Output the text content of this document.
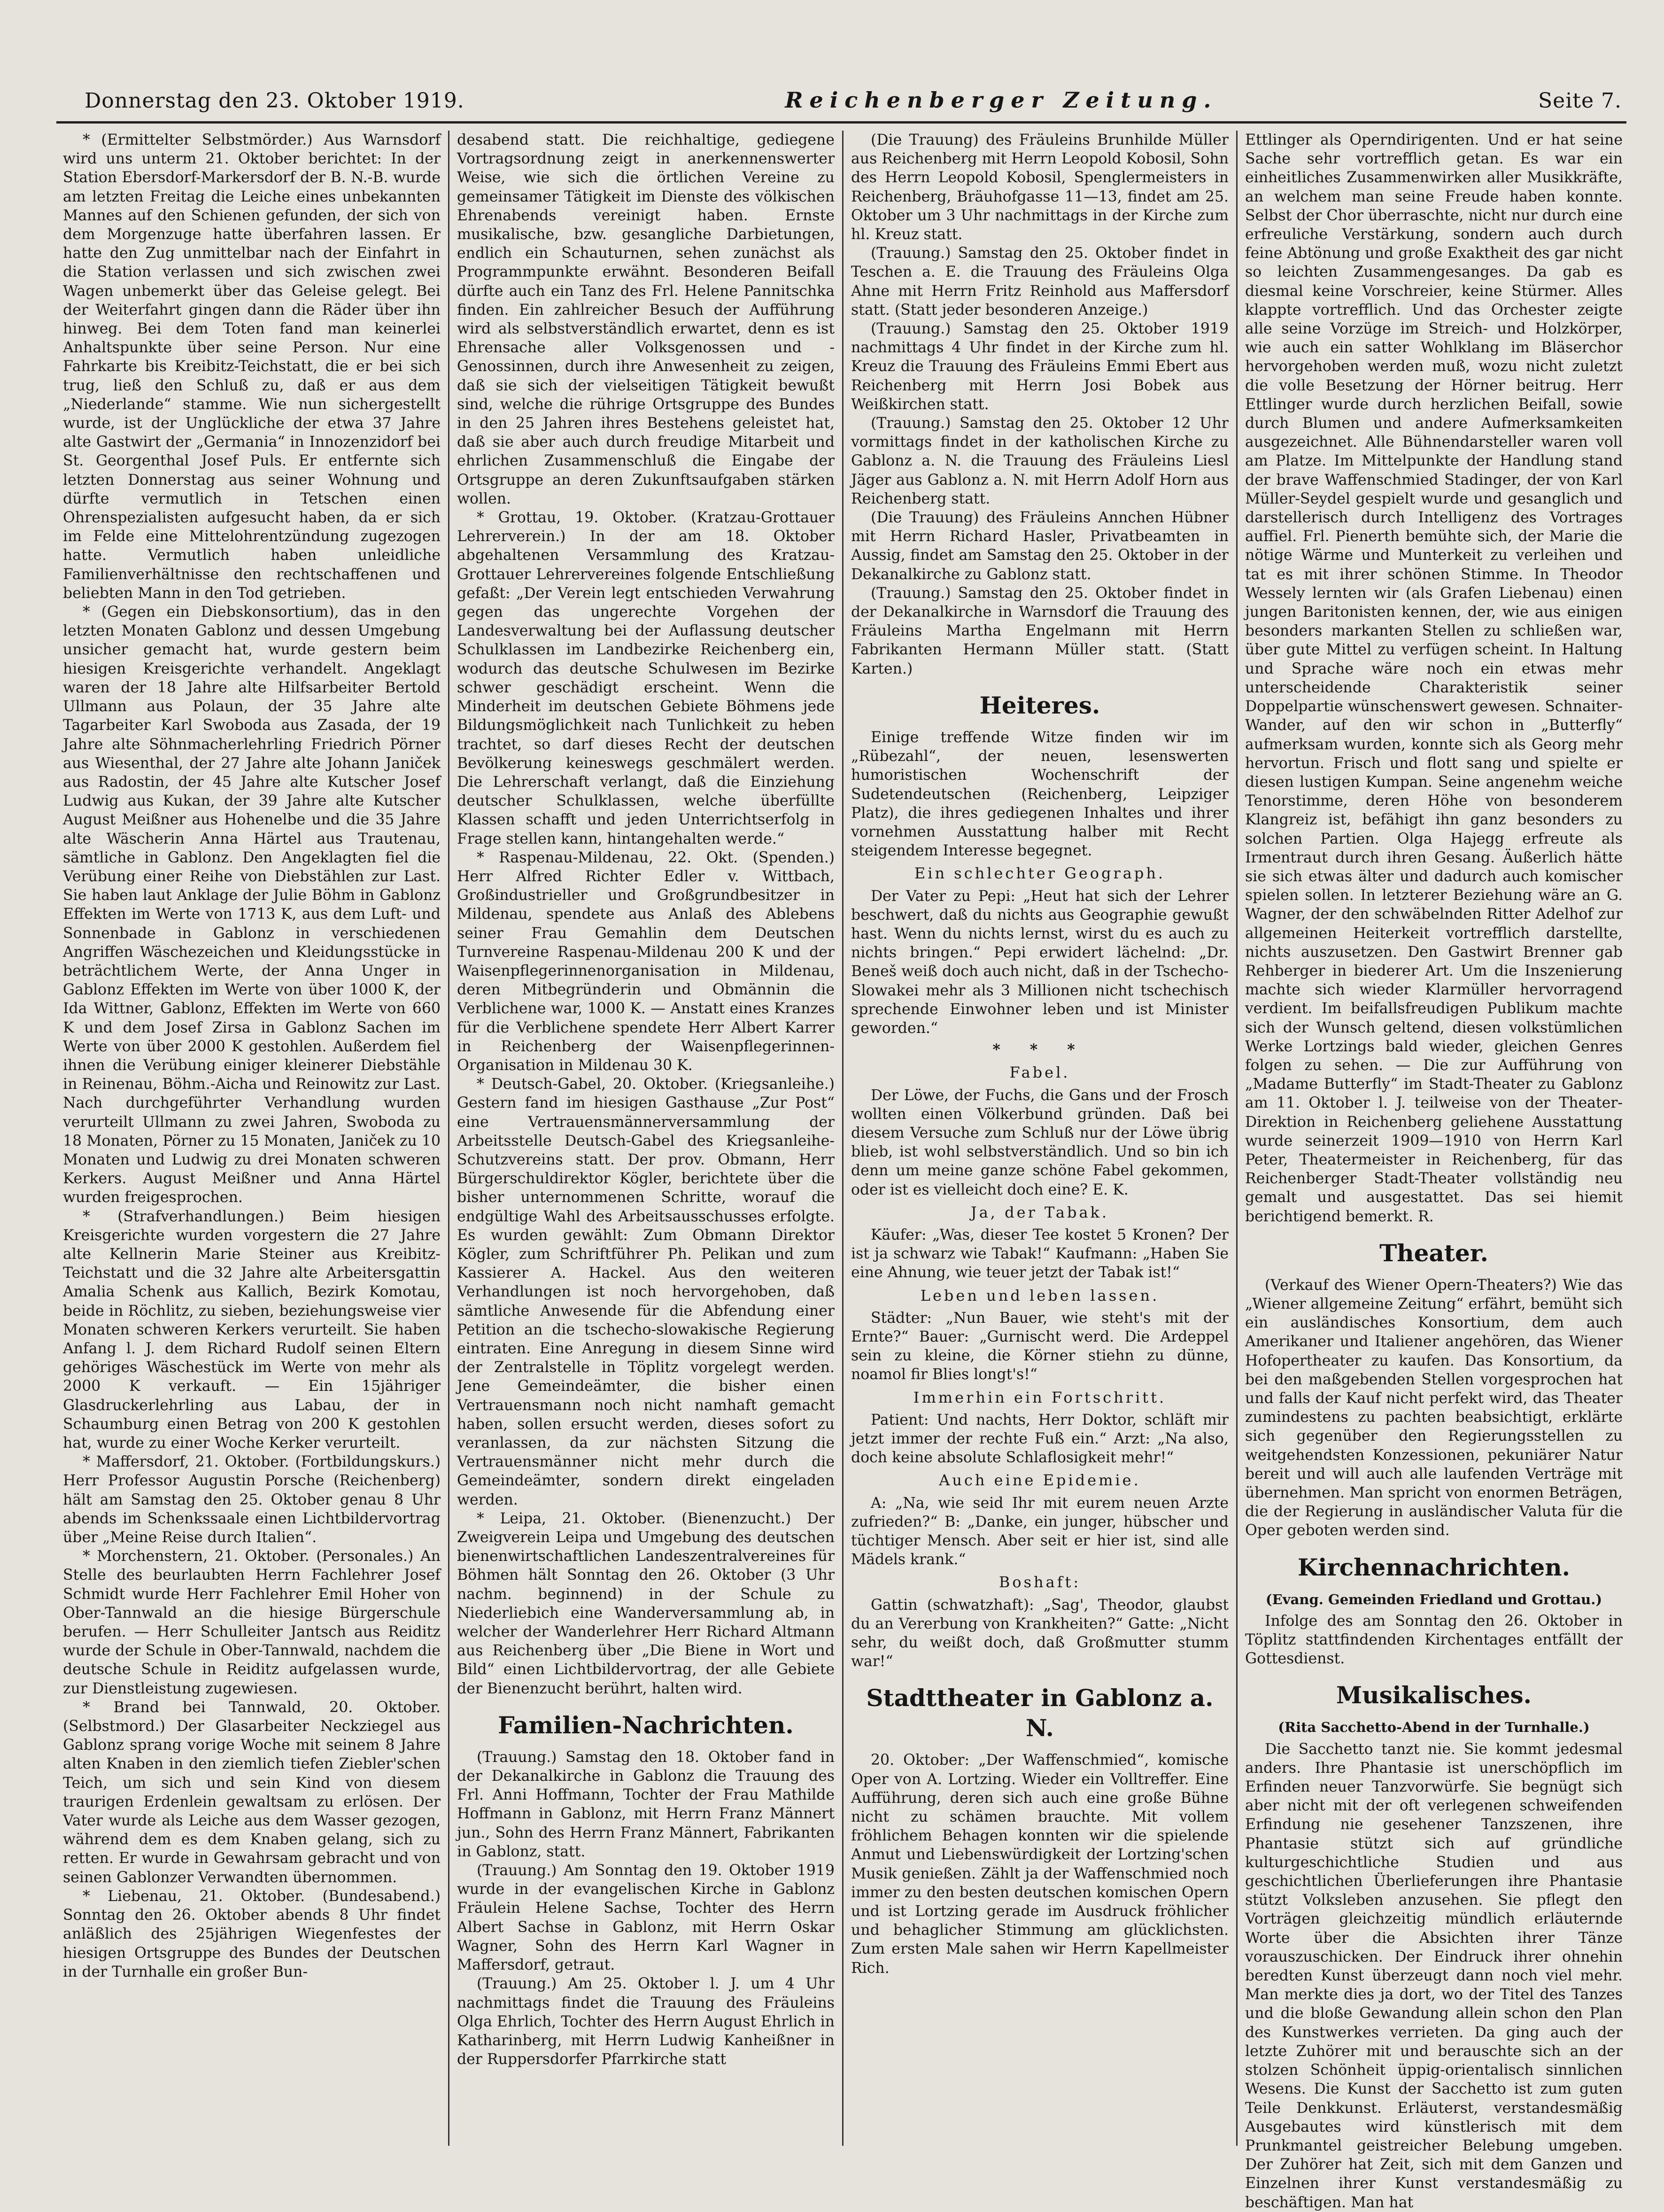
Donnerstag den 23. Oktober 1919.	Reichenberger Zeitung.	Seite 7.

* (Ermittelter Selbstmörder.) Aus Warnsdorf wird uns unterm 21. Oktober berichtet: In der Station Ebersdorf-Markersdorf der B. N.-B. wurde am letzten Freitag die Leiche eines unbekannten Mannes auf den Schienen gefunden, der sich von dem Morgenzuge hatte überfahren lassen. Er hatte den Zug unmittelbar nach der Einfahrt in die Station verlassen und sich zwischen zwei Wagen unbemerkt über das Geleise gelegt. Bei der Weiterfahrt gingen dann die Räder über ihn hinweg. Bei dem Toten fand man keinerlei Anhaltspunkte über seine Person. Nur eine Fahrkarte bis Kreibitz-Teichstatt, die er bei sich trug, ließ den Schluß zu, daß er aus dem „Niederlande“ stamme. Wie nun sichergestellt wurde, ist der Unglückliche der etwa 37 Jahre alte Gastwirt der „Germania“ in Innozenzidorf bei St. Georgenthal Josef Puls. Er entfernte sich letzten Donnerstag aus seiner Wohnung und dürfte vermutlich in Tetschen einen Ohrenspezialisten aufgesucht haben, da er sich im Felde eine Mittelohrentzündung zugezogen hatte. Vermutlich haben unleidliche Familienverhältnisse den rechtschaffenen und beliebten Mann in den Tod getrieben.

* (Gegen ein Diebskonsortium), das in den letzten Monaten Gablonz und dessen Umgebung unsicher gemacht hat, wurde gestern beim hiesigen Kreisgerichte verhandelt. Angeklagt waren der 18 Jahre alte Hilfsarbeiter Bertold Ullmann aus Polaun, der 35 Jahre alte Tagarbeiter Karl Swoboda aus Zasada, der 19 Jahre alte Söhnmacherlehrling Friedrich Pörner aus Wiesenthal, der 27 Jahre alte Johann Janiček aus Radostin, der 45 Jahre alte Kutscher Josef Ludwig aus Kukan, der 39 Jahre alte Kutscher August Meißner aus Hohenelbe und die 35 Jahre alte Wäscherin Anna Härtel aus Trautenau, sämtliche in Gablonz. Den Angeklagten fiel die Verübung einer Reihe von Diebstählen zur Last. Sie haben laut Anklage der Julie Böhm in Gablonz Effekten im Werte von 1713 K, aus dem Luft- und Sonnenbade in Gablonz in verschiedenen Angriffen Wäschezeichen und Kleidungsstücke in beträchtlichem Werte, der Anna Unger in Gablonz Effekten im Werte von über 1000 K, der Ida Wittner, Gablonz, Effekten im Werte von 660 K und dem Josef Zirsa in Gablonz Sachen im Werte von über 2000 K gestohlen. Außerdem fiel ihnen die Verübung einiger kleinerer Diebstähle in Reinenau, Böhm.-Aicha und Reinowitz zur Last. Nach durchgeführter Verhandlung wurden verurteilt Ullmann zu zwei Jahren, Swoboda zu 18 Monaten, Pörner zu 15 Monaten, Janiček zu 10 Monaten und Ludwig zu drei Monaten schweren Kerkers. August Meißner und Anna Härtel wurden freigesprochen.

* (Strafverhandlungen.) Beim hiesigen Kreisgerichte wurden vorgestern die 27 Jahre alte Kellnerin Marie Steiner aus Kreibitz-Teichstatt und die 32 Jahre alte Arbeitersgattin Amalia Schenk aus Kallich, Bezirk Komotau, beide in Röchlitz, zu sieben, beziehungsweise vier Monaten schweren Kerkers verurteilt. Sie haben Anfang l. J. dem Richard Rudolf seinen Eltern gehöriges Wäschestück im Werte von mehr als 2000 K verkauft. — Ein 15jähriger Glasdruckerlehrling aus Labau, der in Schaumburg einen Betrag von 200 K gestohlen hat, wurde zu einer Woche Kerker verurteilt.

* Maffersdorf, 21. Oktober. (Fortbildungskurs.) Herr Professor Augustin Porsche (Reichenberg) hält am Samstag den 25. Oktober genau 8 Uhr abends im Schenkssaale einen Lichtbildervortrag über „Meine Reise durch Italien“.

* Morchenstern, 21. Oktober. (Personales.) An Stelle des beurlaubten Herrn Fachlehrer Josef Schmidt wurde Herr Fachlehrer Emil Hoher von Ober-Tannwald an die hiesige Bürgerschule berufen. — Herr Schulleiter Jantsch aus Reiditz wurde der Schule in Ober-Tannwald, nachdem die deutsche Schule in Reiditz aufgelassen wurde, zur Dienstleistung zugewiesen.

* Brand bei Tannwald, 20. Oktober. (Selbstmord.) Der Glasarbeiter Neckziegel aus Gablonz sprang vorige Woche mit seinem 8 Jahre alten Knaben in den ziemlich tiefen Ziebler'schen Teich, um sich und sein Kind von diesem traurigen Erdenlein gewaltsam zu erlösen. Der Vater wurde als Leiche aus dem Wasser gezogen, während dem es dem Knaben gelang, sich zu retten. Er wurde in Gewahrsam gebracht und von seinen Gablonzer Verwandten übernommen.

* Liebenau, 21. Oktober. (Bundesabend.) Sonntag den 26. Oktober abends 8 Uhr findet anläßlich des 25jährigen Wiegenfestes der hiesigen Ortsgruppe des Bundes der Deutschen in der Turnhalle ein großer Bun-

desabend statt. Die reichhaltige, gediegene Vortragsordnung zeigt in anerkennenswerter Weise, wie sich die örtlichen Vereine zu gemeinsamer Tätigkeit im Dienste des völkischen Ehrenabends vereinigt haben. Ernste musikalische, bzw. gesangliche Darbietungen, endlich ein Schauturnen, sehen zunächst als Programmpunkte erwähnt. Besonderen Beifall dürfte auch ein Tanz des Frl. Helene Pannitschka finden. Ein zahlreicher Besuch der Aufführung wird als selbstverständlich erwartet, denn es ist Ehrensache aller Volksgenossen und -Genossinnen, durch ihre Anwesenheit zu zeigen, daß sie sich der vielseitigen Tätigkeit bewußt sind, welche die rührige Ortsgruppe des Bundes in den 25 Jahren ihres Bestehens geleistet hat, daß sie aber auch durch freudige Mitarbeit und ehrlichen Zusammenschluß die Eingabe der Ortsgruppe an deren Zukunftsaufgaben stärken wollen.

* Grottau, 19. Oktober. (Kratzau-Grottauer Lehrerverein.) In der am 18. Oktober abgehaltenen Versammlung des Kratzau-Grottauer Lehrervereines folgende Entschließung gefaßt: „Der Verein legt entschieden Verwahrung gegen das ungerechte Vorgehen der Landesverwaltung bei der Auflassung deutscher Schulklassen im Landbezirke Reichenberg ein, wodurch das deutsche Schulwesen im Bezirke schwer geschädigt erscheint. Wenn die Minderheit im deutschen Gebiete Böhmens jede Bildungsmöglichkeit nach Tunlichkeit zu heben trachtet, so darf dieses Recht der deutschen Bevölkerung keineswegs geschmälert werden. Die Lehrerschaft verlangt, daß die Einziehung deutscher Schulklassen, welche überfüllte Klassen schafft und jeden Unterrichtserfolg in Frage stellen kann, hintangehalten werde.“

* Raspenau-Mildenau, 22. Okt. (Spenden.) Herr Alfred Richter Edler v. Wittbach, Großindustrieller und Großgrundbesitzer in Mildenau, spendete aus Anlaß des Ablebens seiner Frau Gemahlin dem Deutschen Turnvereine Raspenau-Mildenau 200 K und der Waisenpflegerinnenorganisation in Mildenau, deren Mitbegründerin und Obmännin die Verblichene war, 1000 K. — Anstatt eines Kranzes für die Verblichene spendete Herr Albert Karrer in Reichenberg der Waisenpflegerinnen-Organisation in Mildenau 30 K.

* Deutsch-Gabel, 20. Oktober. (Kriegsanleihe.) Gestern fand im hiesigen Gasthause „Zur Post“ eine Vertrauensmännerversammlung der Arbeitsstelle Deutsch-Gabel des Kriegsanleihe-Schutzvereins statt. Der prov. Obmann, Herr Bürgerschuldirektor Kögler, berichtete über die bisher unternommenen Schritte, worauf die endgültige Wahl des Arbeitsausschusses erfolgte. Es wurden gewählt: Zum Obmann Direktor Kögler, zum Schriftführer Ph. Pelikan und zum Kassierer A. Hackel. Aus den weiteren Verhandlungen ist noch hervorgehoben, daß sämtliche Anwesende für die Abfendung einer Petition an die tschecho-slowakische Regierung eintraten. Eine Anregung in diesem Sinne wird der Zentralstelle in Töplitz vorgelegt werden. Jene Gemeindeämter, die bisher einen Vertrauensmann noch nicht namhaft gemacht haben, sollen ersucht werden, dieses sofort zu veranlassen, da zur nächsten Sitzung die Vertrauensmänner nicht mehr durch die Gemeindeämter, sondern direkt eingeladen werden.

* Leipa, 21. Oktober. (Bienenzucht.) Der Zweigverein Leipa und Umgebung des deutschen bienenwirtschaftlichen Landeszentralvereines für Böhmen hält Sonntag den 26. Oktober (3 Uhr nachm. beginnend) in der Schule zu Niederliebich eine Wanderversammlung ab, in welcher der Wanderlehrer Herr Richard Altmann aus Reichenberg über „Die Biene in Wort und Bild“ einen Lichtbildervortrag, der alle Gebiete der Bienenzucht berührt, halten wird.

Familien-Nachrichten.

(Trauung.) Samstag den 18. Oktober fand in der Dekanalkirche in Gablonz die Trauung des Frl. Anni Hoffmann, Tochter der Frau Mathilde Hoffmann in Gablonz, mit Herrn Franz Männert jun., Sohn des Herrn Franz Männert, Fabrikanten in Gablonz, statt.

(Trauung.) Am Sonntag den 19. Oktober 1919 wurde in der evangelischen Kirche in Gablonz Fräulein Helene Sachse, Tochter des Herrn Albert Sachse in Gablonz, mit Herrn Oskar Wagner, Sohn des Herrn Karl Wagner in Maffersdorf, getraut.

(Trauung.) Am 25. Oktober l. J. um 4 Uhr nachmittags findet die Trauung des Fräuleins Olga Ehrlich, Tochter des Herrn August Ehrlich in Katharinberg, mit Herrn Ludwig Kanheißner in der Ruppersdorfer Pfarrkirche statt

(Die Trauung) des Fräuleins Brunhilde Müller aus Reichenberg mit Herrn Leopold Kobosil, Sohn des Herrn Leopold Kobosil, Spenglermeisters in Reichenberg, Bräuhofgasse 11—13, findet am 25. Oktober um 3 Uhr nachmittags in der Kirche zum hl. Kreuz statt.

(Trauung.) Samstag den 25. Oktober findet in Teschen a. E. die Trauung des Fräuleins Olga Ahne mit Herrn Fritz Reinhold aus Maffersdorf statt. (Statt jeder besonderen Anzeige.)

(Trauung.) Samstag den 25. Oktober 1919 nachmittags 4 Uhr findet in der Kirche zum hl. Kreuz die Trauung des Fräuleins Emmi Ebert aus Reichenberg mit Herrn Josi Bobek aus Weißkirchen statt.

(Trauung.) Samstag den 25. Oktober 12 Uhr vormittags findet in der katholischen Kirche zu Gablonz a. N. die Trauung des Fräuleins Liesl Jäger aus Gablonz a. N. mit Herrn Adolf Horn aus Reichenberg statt.

(Die Trauung) des Fräuleins Annchen Hübner mit Herrn Richard Hasler, Privatbeamten in Aussig, findet am Samstag den 25. Oktober in der Dekanalkirche zu Gablonz statt.

(Trauung.) Samstag den 25. Oktober findet in der Dekanalkirche in Warnsdorf die Trauung des Fräuleins Martha Engelmann mit Herrn Fabrikanten Hermann Müller statt. (Statt Karten.)

Heiteres.

Einige treffende Witze finden wir im „Rübezahl“, der neuen, lesenswerten humoristischen Wochenschrift der Sudetendeutschen (Reichenberg, Leipziger Platz), die ihres gediegenen Inhaltes und ihrer vornehmen Ausstattung halber mit Recht steigendem Interesse begegnet.

Ein schlechter Geograph.

Der Vater zu Pepi: „Heut hat sich der Lehrer beschwert, daß du nichts aus Geographie gewußt hast. Wenn du nichts lernst, wirst du es auch zu nichts bringen.“ Pepi erwidert lächelnd: „Dr. Beneš weiß doch auch nicht, daß in der Tschecho-Slowakei mehr als 3 Millionen nicht tschechisch sprechende Einwohner leben und ist Minister geworden.“

* * *
Fabel.

Der Löwe, der Fuchs, die Gans und der Frosch wollten einen Völkerbund gründen. Daß bei diesem Versuche zum Schluß nur der Löwe übrig blieb, ist wohl selbstverständlich. Und so bin ich denn um meine ganze schöne Fabel gekommen, oder ist es vielleicht doch eine? E. K.

Ja, der Tabak.

Käufer: „Was, dieser Tee kostet 5 Kronen? Der ist ja schwarz wie Tabak!“ Kaufmann: „Haben Sie eine Ahnung, wie teuer jetzt der Tabak ist!“

Leben und leben lassen.

Städter: „Nun Bauer, wie steht's mit der Ernte?“ Bauer: „Gurnischt werd. Die Ardeppel sein zu kleine, die Körner stiehn zu dünne, noamol fir Blies longt's!“

Immerhin ein Fortschritt.

Patient: Und nachts, Herr Doktor, schläft mir jetzt immer der rechte Fuß ein.“ Arzt: „Na also, doch keine absolute Schlaflosigkeit mehr!“

Auch eine Epidemie.

A: „Na, wie seid Ihr mit eurem neuen Arzte zufrieden?“ B: „Danke, ein junger, hübscher und tüchtiger Mensch. Aber seit er hier ist, sind alle Mädels krank.“

Boshaft:

Gattin (schwatzhaft): „Sag', Theodor, glaubst du an Vererbung von Krankheiten?“ Gatte: „Nicht sehr, du weißt doch, daß Großmutter stumm war!“

Stadttheater in Gablonz a. N.

20. Oktober: „Der Waffenschmied“, komische Oper von A. Lortzing. Wieder ein Volltreffer. Eine Aufführung, deren sich auch eine große Bühne nicht zu schämen brauchte. Mit vollem fröhlichem Behagen konnten wir die spielende Anmut und Liebenswürdigkeit der Lortzing'schen Musik genießen. Zählt ja der Waffenschmied noch immer zu den besten deutschen komischen Opern und ist Lortzing gerade im Ausdruck fröhlicher und behaglicher Stimmung am glücklichsten. Zum ersten Male sahen wir Herrn Kapellmeister Rich.

Ettlinger als Operndirigenten. Und er hat seine Sache sehr vortrefflich getan. Es war ein einheitliches Zusammenwirken aller Musikkräfte, an welchem man seine Freude haben konnte. Selbst der Chor überraschte, nicht nur durch eine erfreuliche Verstärkung, sondern auch durch feine Abtönung und große Exaktheit des gar nicht so leichten Zusammengesanges. Da gab es diesmal keine Vorschreier, keine Stürmer. Alles klappte vortrefflich. Und das Orchester zeigte alle seine Vorzüge im Streich- und Holzkörper, wie auch ein satter Wohlklang im Bläserchor hervorgehoben werden muß, wozu nicht zuletzt die volle Besetzung der Hörner beitrug. Herr Ettlinger wurde durch herzlichen Beifall, sowie durch Blumen und andere Aufmerksamkeiten ausgezeichnet. Alle Bühnendarsteller waren voll am Platze. Im Mittelpunkte der Handlung stand der brave Waffenschmied Stadinger, der von Karl Müller-Seydel gespielt wurde und gesanglich und darstellerisch durch Intelligenz des Vortrages auffiel. Frl. Pienerth bemühte sich, der Marie die nötige Wärme und Munterkeit zu verleihen und tat es mit ihrer schönen Stimme. In Theodor Wessely lernten wir (als Grafen Liebenau) einen jungen Baritonisten kennen, der, wie aus einigen besonders markanten Stellen zu schließen war, über gute Mittel zu verfügen scheint. In Haltung und Sprache wäre noch ein etwas mehr unterscheidende Charakteristik seiner Doppelpartie wünschenswert gewesen. Schnaiter-Wander, auf den wir schon in „Butterfly“ aufmerksam wurden, konnte sich als Georg mehr hervortun. Frisch und flott sang und spielte er diesen lustigen Kumpan. Seine angenehm weiche Tenorstimme, deren Höhe von besonderem Klangreiz ist, befähigt ihn ganz besonders zu solchen Partien. Olga Hajegg erfreute als Irmentraut durch ihren Gesang. Äußerlich hätte sie sich etwas älter und dadurch auch komischer spielen sollen. In letzterer Beziehung wäre an G. Wagner, der den schwäbelnden Ritter Adelhof zur allgemeinen Heiterkeit vortrefflich darstellte, nichts auszusetzen. Den Gastwirt Brenner gab Rehberger in biederer Art. Um die Inszenierung machte sich wieder Klarmüller hervorragend verdient. Im beifallsfreudigen Publikum machte sich der Wunsch geltend, diesen volkstümlichen Werke Lortzings bald wieder, gleichen Genres folgen zu sehen. — Die zur Aufführung von „Madame Butterfly“ im Stadt-Theater zu Gablonz am 11. Oktober l. J. teilweise von der Theater-Direktion in Reichenberg geliehene Ausstattung wurde seinerzeit 1909—1910 von Herrn Karl Peter, Theatermeister in Reichenberg, für das Reichenberger Stadt-Theater vollständig neu gemalt und ausgestattet. Das sei hiemit berichtigend bemerkt. R.

Theater.

(Verkauf des Wiener Opern-Theaters?) Wie das „Wiener allgemeine Zeitung“ erfährt, bemüht sich ein ausländisches Konsortium, dem auch Amerikaner und Italiener angehören, das Wiener Hofopertheater zu kaufen. Das Konsortium, da bei den maßgebenden Stellen vorgesprochen hat und falls der Kauf nicht perfekt wird, das Theater zumindestens zu pachten beabsichtigt, erklärte sich gegenüber den Regierungsstellen zu weitgehendsten Konzessionen, pekuniärer Natur bereit und will auch alle laufenden Verträge mit übernehmen. Man spricht von enormen Beträgen, die der Regierung in ausländischer Valuta für die Oper geboten werden sind.

Kirchennachrichten.
(Evang. Gemeinden Friedland und Grottau.)

Infolge des am Sonntag den 26. Oktober in Töplitz stattfindenden Kirchentages entfällt der Gottesdienst.

Musikalisches.
(Rita Sacchetto-Abend in der Turnhalle.)

Die Sacchetto tanzt nie. Sie kommt jedesmal anders. Ihre Phantasie ist unerschöpflich im Erfinden neuer Tanzvorwürfe. Sie begnügt sich aber nicht mit der oft verlegenen schweifenden Erfindung nie gesehener Tanzszenen, ihre Phantasie stützt sich auf gründliche kulturgeschichtliche Studien und aus geschichtlichen Überlieferungen ihre Phantasie stützt Volksleben anzusehen. Sie pflegt den Vorträgen gleichzeitig mündlich erläuternde Worte über die Absichten ihrer Tänze vorauszuschicken. Der Eindruck ihrer ohnehin beredten Kunst überzeugt dann noch viel mehr. Man merkte dies ja dort, wo der Titel des Tanzes und die bloße Gewandung allein schon den Plan des Kunstwerkes verrieten. Da ging auch der letzte Zuhörer mit und berauschte sich an der stolzen Schönheit üppig-orientalisch sinnlichen Wesens. Die Kunst der Sacchetto ist zum guten Teile Denkkunst. Erläuterst, verstandesmäßig Ausgebautes wird künstlerisch mit dem Prunkmantel geistreicher Belebung umgeben. Der Zuhörer hat Zeit, sich mit dem Ganzen und Einzelnen ihrer Kunst verstandesmäßig zu beschäftigen. Man hat
